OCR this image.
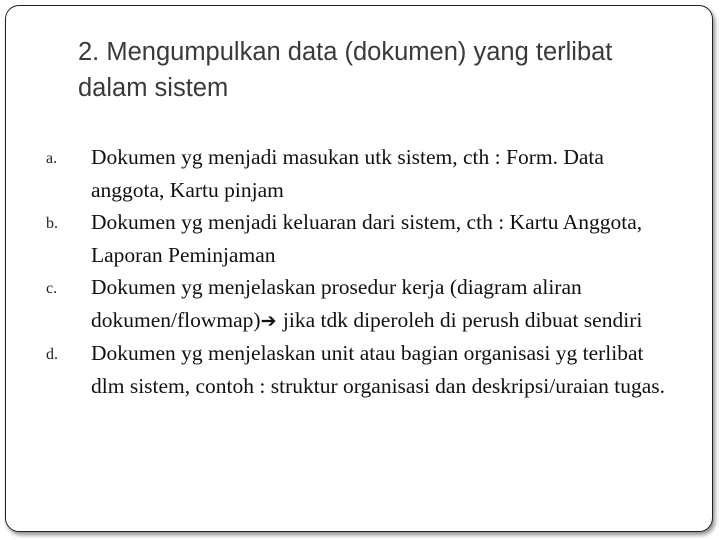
2. Mengumpulkan data (dokumen) yang terlibat dalam sistem
a. Dokumen yg menjadi masukan utk sistem, cth : Form. Data anggota, Kartu pinjam
b. Dokumen yg menjadi keluaran dari sistem, cth : Kartu Anggota, Laporan Peminjaman
c. Dokumen yg menjelaskan prosedur kerja (diagram aliran dokumen/flowmap)➔ jika tdk diperoleh di perush dibuat sendiri
d. Dokumen yg menjelaskan unit atau bagian organisasi yg terlibat dlm sistem, contoh : struktur organisasi dan deskripsi/uraian tugas.
